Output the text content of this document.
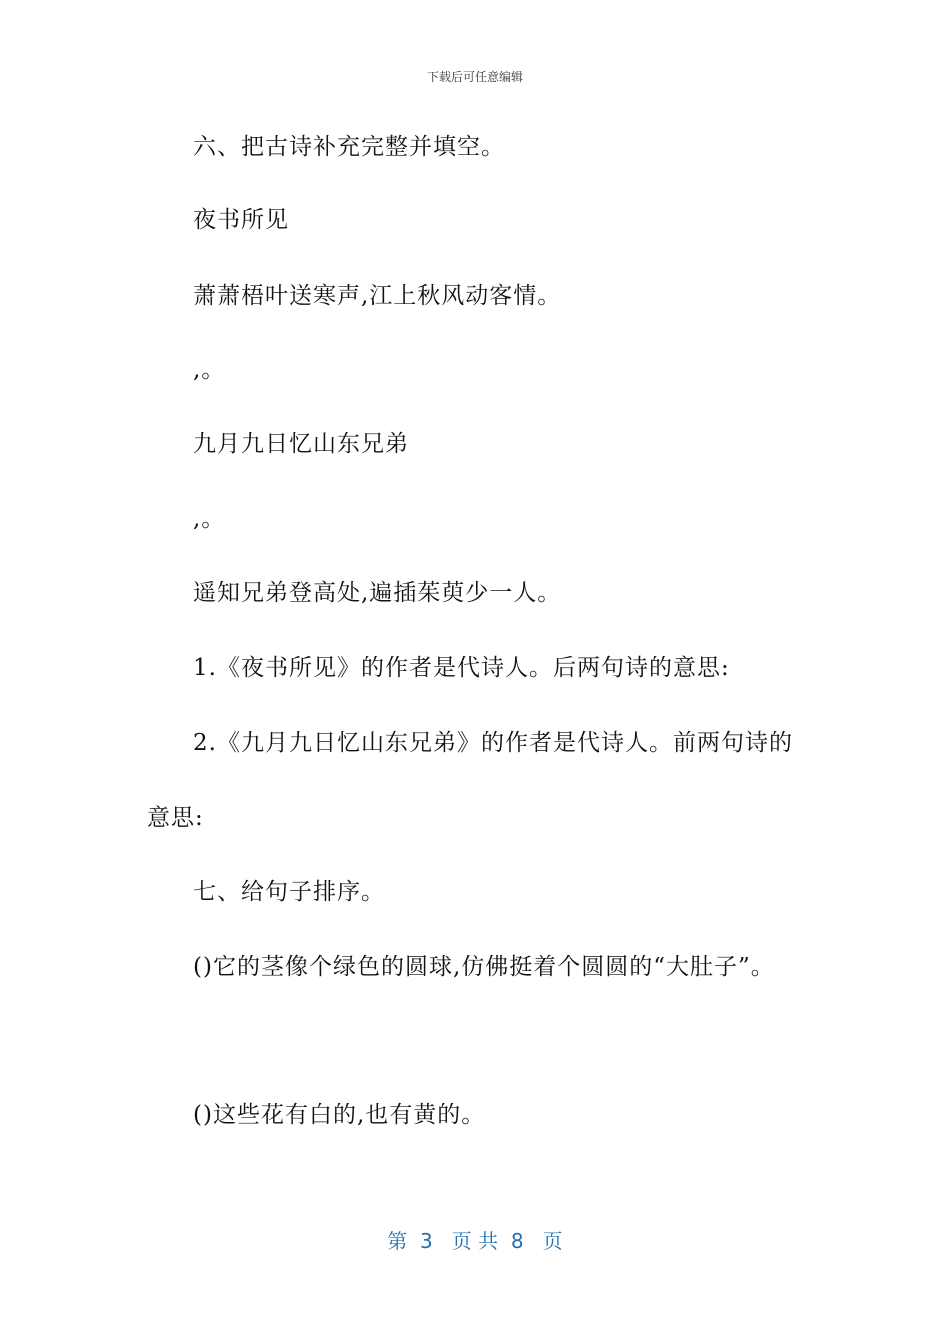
下载后可任意编辑
六、把古诗补充完整并填空。
夜书所见
萧萧梧叶送寒声,江上秋风动客情。
,。
九月九日忆山东兄弟
,。
遥知兄弟登高处,遍插茱萸少一人。
1.《夜书所见》的作者是代诗人。后两句诗的意思:
2.《九月九日忆山东兄弟》的作者是代诗人。前两句诗的
意思:
七、给句子排序。
()它的茎像个绿色的圆球,仿佛挺着个圆圆的“大肚子”。
()这些花有白的,也有黄的。
第  3   页 共  8   页
